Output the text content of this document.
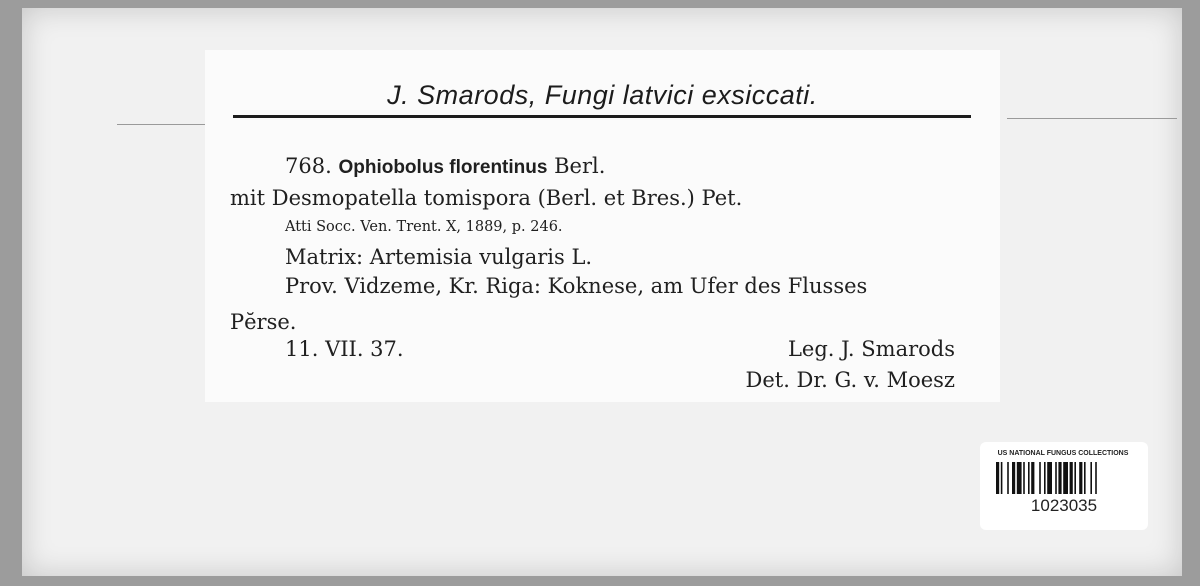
J. Smarods, Fungi latvici exsiccati.
768. Ophiobolus florentinus Berl.
mit Desmopatella tomispora (Berl. et Bres.) Pet.
Atti Socc. Ven. Trent. X, 1889, p. 246.
Matrix: Artemisia vulgaris L.
Prov. Vidzeme, Kr. Riga: Koknese, am Ufer des Flusses
Pĕrse.
11. VII. 37.	Leg. J. Smarods
Det. Dr. G. v. Moesz
US NATIONAL FUNGUS COLLECTIONS
1023035
